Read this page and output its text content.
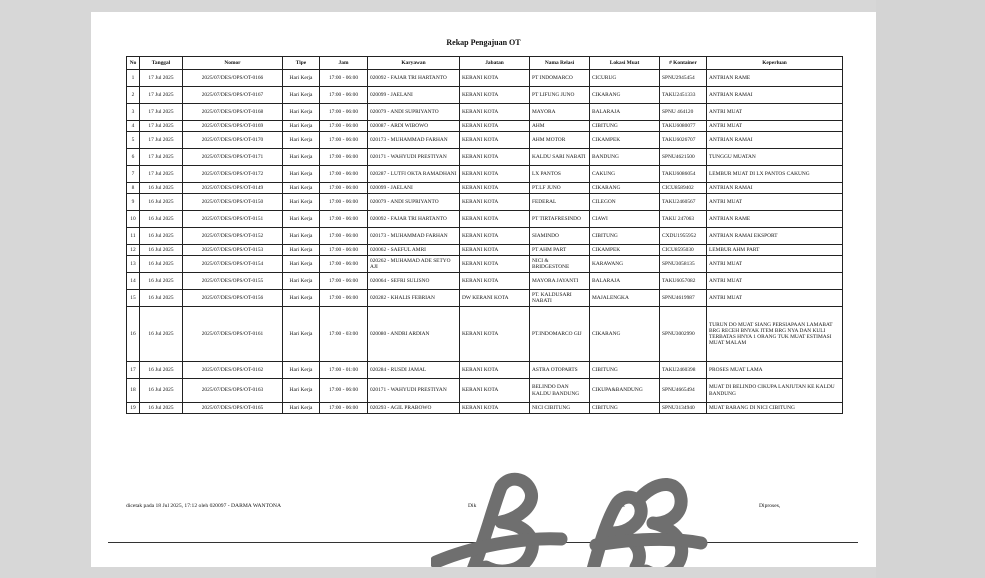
Rekap Pengajuan OT
No	Tanggal	Nomor	Tipe	Jam	Karyawan	Jabatan	Nama Relasi	Lokasi Muat	# Kontainer	Keperluan
1	17 Jul 2025	2025/07/DES/OPS/OT-0166	Hari Kerja	17:00 - 06:00	020092 - FAJAR TRI HARTANTO	KERANI KOTA	PT INDOMARCO	CICURUG	SPNU2945454	ANTRIAN RAME
2	17 Jul 2025	2025/07/DES/OPS/OT-0167	Hari Kerja	17:00 - 06:00	020099 - JAELANI	KERANI KOTA	PT LIFUNG JUNO	CIKARANG	TAKU2451333	ANTRIAN RAMAI
3	17 Jul 2025	2025/07/DES/OPS/OT-0168	Hari Kerja	17:00 - 06:00	020079 - ANDI SUPRIYANTO	KERANI KOTA	MAYORA	BALARAJA	SPNU 464120	ANTRI MUAT
4	17 Jul 2025	2025/07/DES/OPS/OT-0169	Hari Kerja	17:00 - 06:00	020087 - ARDI WIBOWO	KERANI KOTA	AHM	CIBITUNG	TAKU6080077	ANTRI MUAT
5	17 Jul 2025	2025/07/DES/OPS/OT-0170	Hari Kerja	17:00 - 06:00	020173 - MUHAMMAD FARHAN	KERANI KOTA	AHM MOTOR	CIKAMPEK	TAKU6026707	ANTRIAN RAMAI
6	17 Jul 2025	2025/07/DES/OPS/OT-0171	Hari Kerja	17:00 - 06:00	020171 - WAHYUDI PRESTIYAN	KERANI KOTA	KALDU SARI NABATI	BANDUNG	SPNU4621500	TUNGGU MUATAN
7	17 Jul 2025	2025/07/DES/OPS/OT-0172	Hari Kerja	17:00 - 06:00	020287 - LUTFI OKTA RAMADHANI	KERANI KOTA	LX PANTOS	CAKUNG	TAKU6086054	LEMBUR MUAT DI LX PANTOS CAKUNG
8	16 Jul 2025	2025/07/DES/OPS/OT-0149	Hari Kerja	17:00 - 06:00	020099 - JAELANI	KERANI KOTA	PT.LF JUNO	CIKARANG	CICU8589402	ANTRIAN RAMAI
9	16 Jul 2025	2025/07/DES/OPS/OT-0150	Hari Kerja	17:00 - 06:00	020079 - ANDI SUPRIYANTO	KERANI KOTA	FEDERAL	CILEGON	TAKU2460567	ANTRI MUAT
10	16 Jul 2025	2025/07/DES/OPS/OT-0151	Hari Kerja	17:00 - 06:00	020092 - FAJAR TRI HARTANTO	KERANI KOTA	PT TIRTAFRESINDO	CIAWI	TAKU 247063	ANTRIAN RAME
11	16 Jul 2025	2025/07/DES/OPS/OT-0152	Hari Kerja	17:00 - 06:00	020173 - MUHAMMAD FARHAN	KERANI KOTA	SIAMINDO	CIBITUNG	CXDU1955952	ANTRIAN RAMAI EKSPORT
12	16 Jul 2025	2025/07/DES/OPS/OT-0153	Hari Kerja	17:00 - 06:00	020062 - SAEFUL AMRI	KERANI KOTA	PT AHM PART	CIKAMPEK	CICU8595030	LEMBUR AHM PART
13	16 Jul 2025	2025/07/DES/OPS/OT-0154	Hari Kerja	17:00 - 06:00	020262 - MUHAMAD ADE SETYO AJI	KERANI KOTA	NICI & BRIDGESTONE	KARAWANG	SPNU3058135	ANTRI MUAT
14	16 Jul 2025	2025/07/DES/OPS/OT-0155	Hari Kerja	17:00 - 06:00	020064 - SEFRI SULISNO	KERANI KOTA	MAYORA JAYANTI	BALARAJA	TAKU6057082	ANTRI MUAT
15	16 Jul 2025	2025/07/DES/OPS/OT-0156	Hari Kerja	17:00 - 06:00	020282 - KHALIS FEBRIAN	DW KERANI KOTA	PT. KALDUSARI NABATI	MAJALENGKA	SPNU4619987	ANTRI MUAT
16	16 Jul 2025	2025/07/DES/OPS/OT-0161	Hari Kerja	17:00 - 03:00	020080 - ANDRI ARDIAN	KERANI KOTA	PT.INDOMARCO GIJ	CIKARANG	SPNU3002990	TURUN DO MUAT SIANG PERSIAPAAN LAMABAT BRG RECEH BNYAK ITEM BRG NYA DAN KULI TERBATAS HNYA 1 ORANG TUK MUAT ESTIMASI MUAT MALAM
17	16 Jul 2025	2025/07/DES/OPS/OT-0162	Hari Kerja	17:00 - 01:00	020284 - RUSDI JAMAL	KERANI KOTA	ASTRA OTOPARTS	CIBITUNG	TAKU2460398	PROSES MUAT LAMA
18	16 Jul 2025	2025/07/DES/OPS/OT-0163	Hari Kerja	17:00 - 06:00	020171 - WAHYUDI PRESTIYAN	KERANI KOTA	BELINDO DAN KALDU BANDUNG	CIKUPA&BANDUNG	SPNU4665494	MUAT DI BELINDO CIKUPA LANJUTAN KE KALDU BANDUNG
19	16 Jul 2025	2025/07/DES/OPS/OT-0165	Hari Kerja	17:00 - 06:00	020293 - AGIL PRABOWO	KERANI KOTA	NICI CIBITUNG	CIBITUNG	SPNU3134940	MUAT BARANG DI NICI CIBITUNG
dicetak pada 18 Jul 2025, 17:12 oleh 020097 - DARMA WANTONA	Dik	Disct	Diproses,
